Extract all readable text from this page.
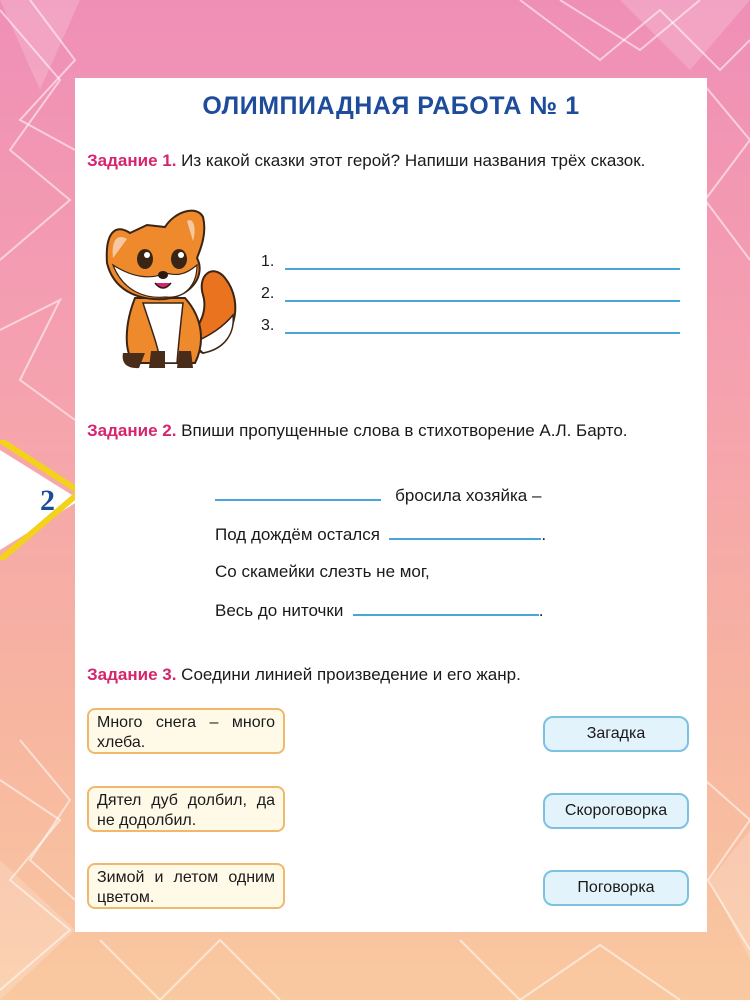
2
ОЛИМПИАДНАЯ РАБОТА № 1
Задание 1. Из какой сказки этот герой? Напиши названия трёх сказок.
1.
2.
3.
Задание 2. Впиши пропущенные слова в стихотворение А.Л. Барто.
бросила хозяйка –
Под дождём остался	.
Со скамейки слезть не мог,
Весь до ниточки	.
Задание 3. Соедини линией произведение и его жанр.
Много снега – много хлеба.
Дятел дуб долбил, да не додолбил.
Зимой и летом одним цветом.
Загадка
Скороговорка
Поговорка
